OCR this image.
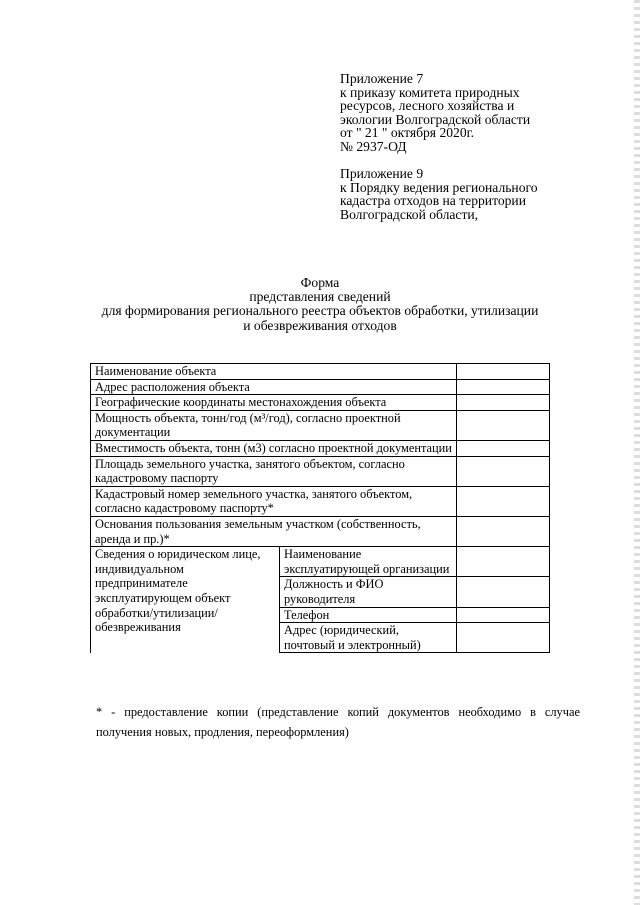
Приложение 7
к приказу комитета природных
ресурсов, лесного хозяйства и
экологии Волгоградской области
от " 21 " октября 2020г.
№ 2937-ОД
Приложение 9
к Порядку ведения регионального
кадастра отходов на территории
Волгоградской области,
Форма
представления сведений
для формирования регионального реестра объектов обработки, утилизации
и обезвреживания отходов
Наименование объекта		
Адрес расположения объекта		
Географические координаты местонахождения объекта		
Мощность объекта, тонн/год (м³/год), согласно проектной документации		
Вместимость объекта, тонн (м3) согласно проектной документации		
Площадь земельного участка, занятого объектом, согласно кадастровому паспорту		
Кадастровый номер земельного участка, занятого объектом, согласно кадастровому паспорту*		
Основания пользования земельным участком (собственность, аренда и пр.)*		
Сведения о юридическом лице, индивидуальном предпринимателе эксплуатирующем объект обработки/утилизации/ обезвреживания	Наименование эксплуатирующей организации	
	Должность и ФИО руководителя	
	Телефон	
	Адрес (юридический, почтовый и электронный)	
* - предоставление копии (представление копий документов необходимо в случае получения новых, продления, переоформления)
